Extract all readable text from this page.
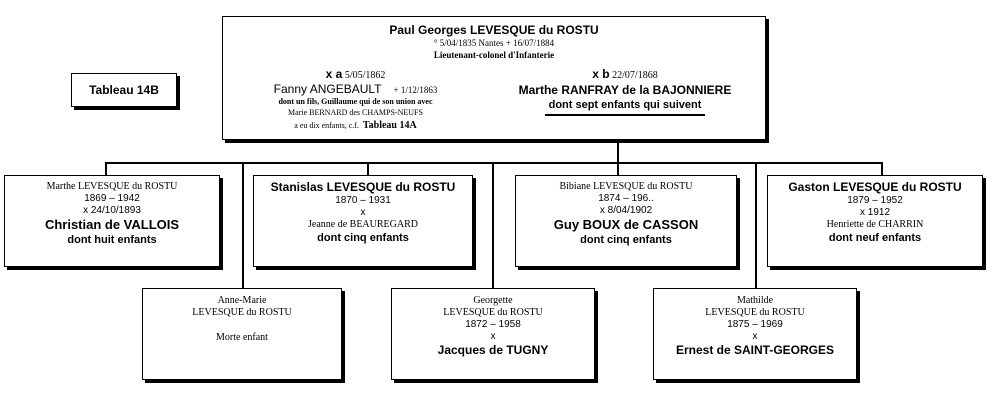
Tableau 14B
Paul Georges LEVESQUE du ROSTU
° 5/04/1835 Nantes + 16/07/1884
Lieutenant-colonel d'Infanterie
x a 5/05/1862
Fanny ANGEBAULT + 1/12/1863
dont un fils, Guillaume qui de son union avec
Marie BERNARD des CHAMPS-NEUFS
a eu dix enfants, c.f. Tableau 14A
x b 22/07/1868
Marthe RANFRAY de la BAJONNIERE
dont sept enfants qui suivent
Marthe LEVESQUE du ROSTU
1869 – 1942
x 24/10/1893
Christian de VALLOIS
dont huit enfants
Stanislas LEVESQUE du ROSTU
1870 – 1931
x
Jeanne de BEAUREGARD
dont cinq enfants
Bibiane LEVESQUE du ROSTU
1874 – 196..
x 8/04/1902
Guy BOUX de CASSON
dont cinq enfants
Gaston LEVESQUE du ROSTU
1879 – 1952
x 1912
Henriette de CHARRIN
dont neuf enfants
Anne-Marie
LEVESQUE du ROSTU
Morte enfant
Georgette
LEVESQUE du ROSTU
1872 – 1958
x
Jacques de TUGNY
Mathilde
LEVESQUE du ROSTU
1875 – 1969
x
Ernest de SAINT-GEORGES
